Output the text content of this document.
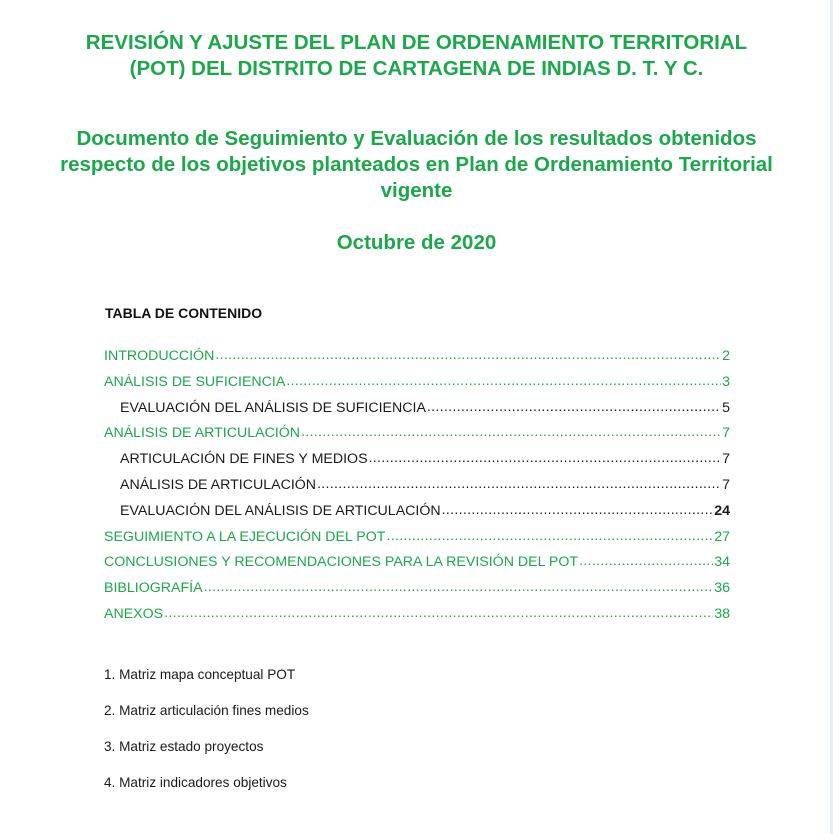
REVISIÓN Y AJUSTE DEL PLAN DE ORDENAMIENTO TERRITORIAL (POT) DEL DISTRITO DE CARTAGENA DE INDIAS D. T. Y C.
Documento de Seguimiento y Evaluación de los resultados obtenidos respecto de los objetivos planteados en Plan de Ordenamiento Territorial vigente
Octubre de 2020
TABLA DE CONTENIDO
INTRODUCCIÓN .....	2
ANÁLISIS DE SUFICIENCIA .....	3
EVALUACIÓN DEL ANÁLISIS DE SUFICIENCIA .....	5
ANÁLISIS DE ARTICULACIÓN .....	7
ARTICULACIÓN DE FINES Y MEDIOS .....	7
ANÁLISIS DE ARTICULACIÓN .....	7
EVALUACIÓN DEL ANÁLISIS DE ARTICULACIÓN .....	24
SEGUIMIENTO A LA EJECUCIÓN DEL POT .....	27
CONCLUSIONES Y RECOMENDACIONES PARA LA REVISIÓN DEL POT .....	34
BIBLIOGRAFÍA .....	36
ANEXOS .....	38
1. Matriz mapa conceptual POT
2. Matriz articulación fines medios
3. Matriz estado proyectos
4. Matriz indicadores objetivos
